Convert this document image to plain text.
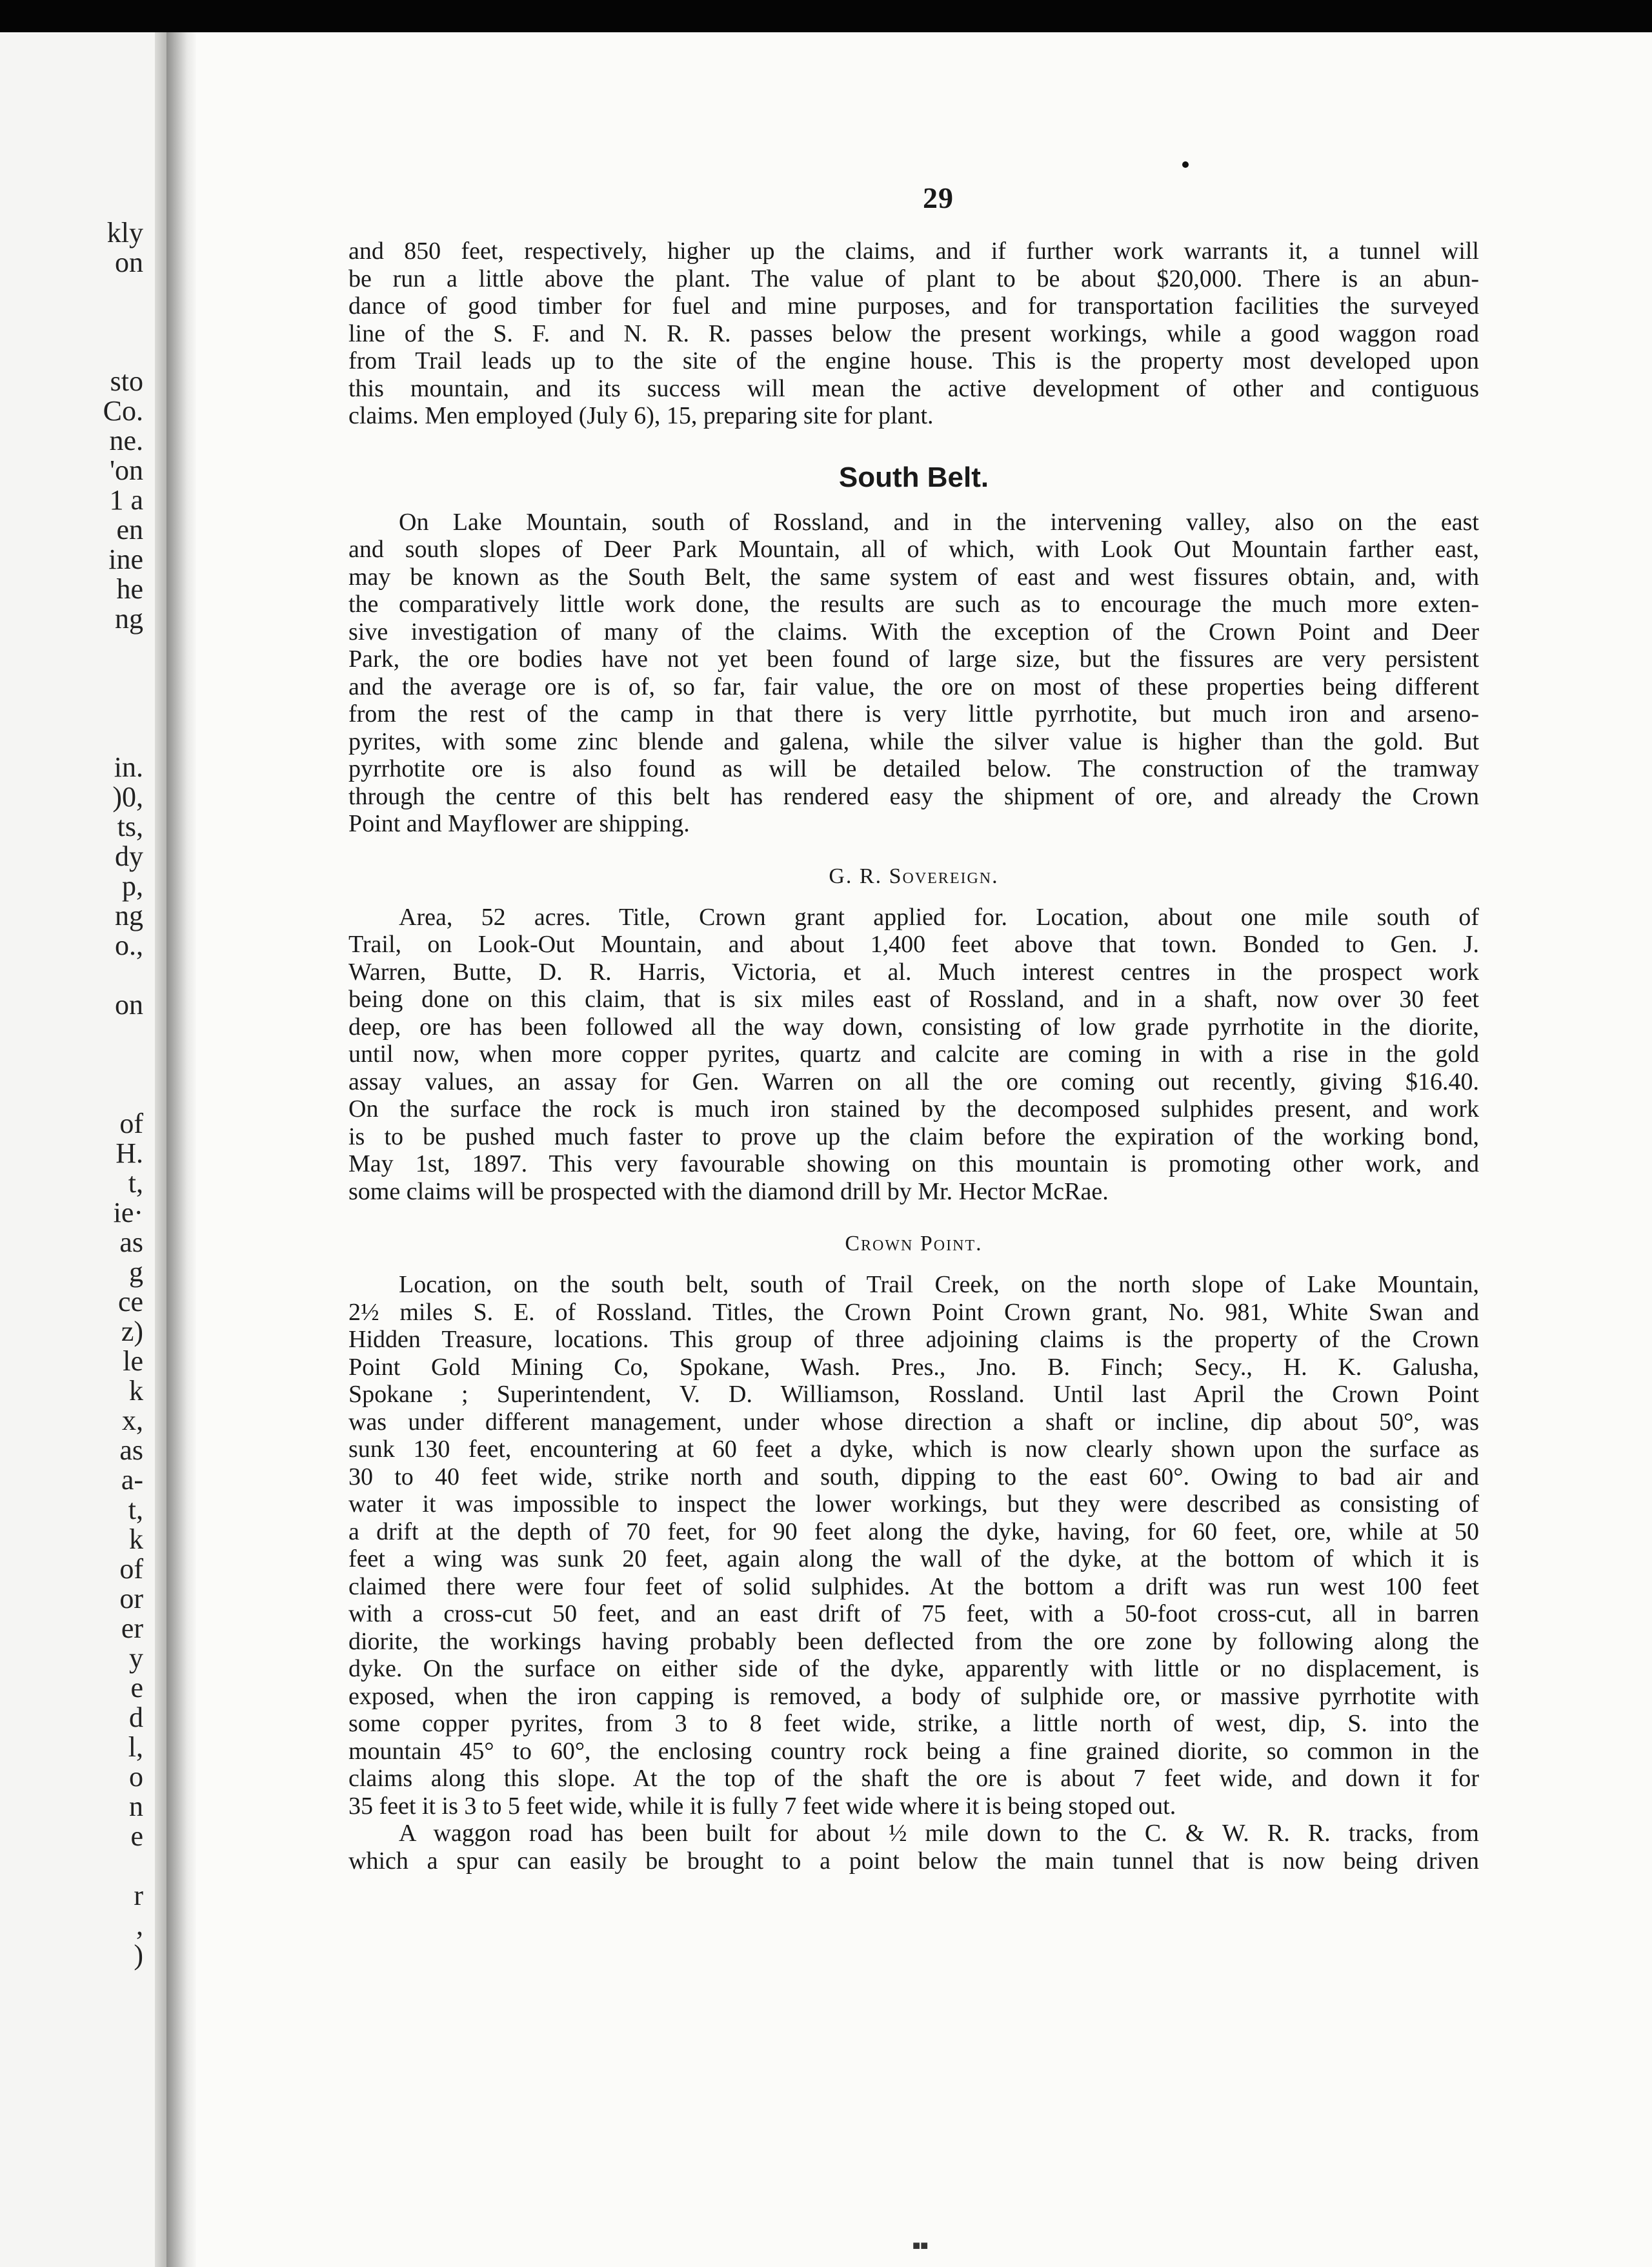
kly
on
sto
Co.
ne.
'on
1 a
en
ine
he
ng
in.
)0,
ts,
dy
p,
ng
o.,
on
of
H.
t,
ie·
as
g
ce
z)
le
k
x,
as
a-
t,
k
of
or
er
y
e
d
l,
o
n
e
r
,
)
29
and 850 feet, respectively, higher up the claims, and if further work warrants it, a tunnel will
be run a little above the plant. The value of plant to be about $20,000. There is an abun-
dance of good timber for fuel and mine purposes, and for transportation facilities the surveyed
line of the S. F. and N. R. R. passes below the present workings, while a good waggon road
from Trail leads up to the site of the engine house. This is the property most developed upon
this mountain, and its success will mean the active development of other and contiguous
claims. Men employed (July 6), 15, preparing site for plant.
South Belt.
On Lake Mountain, south of Rossland, and in the intervening valley, also on the east
and south slopes of Deer Park Mountain, all of which, with Look Out Mountain farther east,
may be known as the South Belt, the same system of east and west fissures obtain, and, with
the comparatively little work done, the results are such as to encourage the much more exten-
sive investigation of many of the claims. With the exception of the Crown Point and Deer
Park, the ore bodies have not yet been found of large size, but the fissures are very persistent
and the average ore is of, so far, fair value, the ore on most of these properties being different
from the rest of the camp in that there is very little pyrrhotite, but much iron and arseno-
pyrites, with some zinc blende and galena, while the silver value is higher than the gold. But
pyrrhotite ore is also found as will be detailed below. The construction of the tramway
through the centre of this belt has rendered easy the shipment of ore, and already the Crown
Point and Mayflower are shipping.
G. R. Sovereign.
Area, 52 acres. Title, Crown grant applied for. Location, about one mile south of
Trail, on Look-Out Mountain, and about 1,400 feet above that town. Bonded to Gen. J.
Warren, Butte, D. R. Harris, Victoria, et al. Much interest centres in the prospect work
being done on this claim, that is six miles east of Rossland, and in a shaft, now over 30 feet
deep, ore has been followed all the way down, consisting of low grade pyrrhotite in the diorite,
until now, when more copper pyrites, quartz and calcite are coming in with a rise in the gold
assay values, an assay for Gen. Warren on all the ore coming out recently, giving $16.40.
On the surface the rock is much iron stained by the decomposed sulphides present, and work
is to be pushed much faster to prove up the claim before the expiration of the working bond,
May 1st, 1897. This very favourable showing on this mountain is promoting other work, and
some claims will be prospected with the diamond drill by Mr. Hector McRae.
Crown Point.
Location, on the south belt, south of Trail Creek, on the north slope of Lake Mountain,
2½ miles S. E. of Rossland. Titles, the Crown Point Crown grant, No. 981, White Swan and
Hidden Treasure, locations. This group of three adjoining claims is the property of the Crown
Point Gold Mining Co, Spokane, Wash. Pres., Jno. B. Finch; Secy., H. K. Galusha,
Spokane ; Superintendent, V. D. Williamson, Rossland. Until last April the Crown Point
was under different management, under whose direction a shaft or incline, dip about 50°, was
sunk 130 feet, encountering at 60 feet a dyke, which is now clearly shown upon the surface as
30 to 40 feet wide, strike north and south, dipping to the east 60°. Owing to bad air and
water it was impossible to inspect the lower workings, but they were described as consisting of
a drift at the depth of 70 feet, for 90 feet along the dyke, having, for 60 feet, ore, while at 50
feet a wing was sunk 20 feet, again along the wall of the dyke, at the bottom of which it is
claimed there were four feet of solid sulphides. At the bottom a drift was run west 100 feet
with a cross-cut 50 feet, and an east drift of 75 feet, with a 50-foot cross-cut, all in barren
diorite, the workings having probably been deflected from the ore zone by following along the
dyke. On the surface on either side of the dyke, apparently with little or no displacement, is
exposed, when the iron capping is removed, a body of sulphide ore, or massive pyrrhotite with
some copper pyrites, from 3 to 8 feet wide, strike, a little north of west, dip, S. into the
mountain 45° to 60°, the enclosing country rock being a fine grained diorite, so common in the
claims along this slope. At the top of the shaft the ore is about 7 feet wide, and down it for
35 feet it is 3 to 5 feet wide, while it is fully 7 feet wide where it is being stoped out.
A waggon road has been built for about ½ mile down to the C. & W. R. R. tracks, from
which a spur can easily be brought to a point below the main tunnel that is now being driven
■■
